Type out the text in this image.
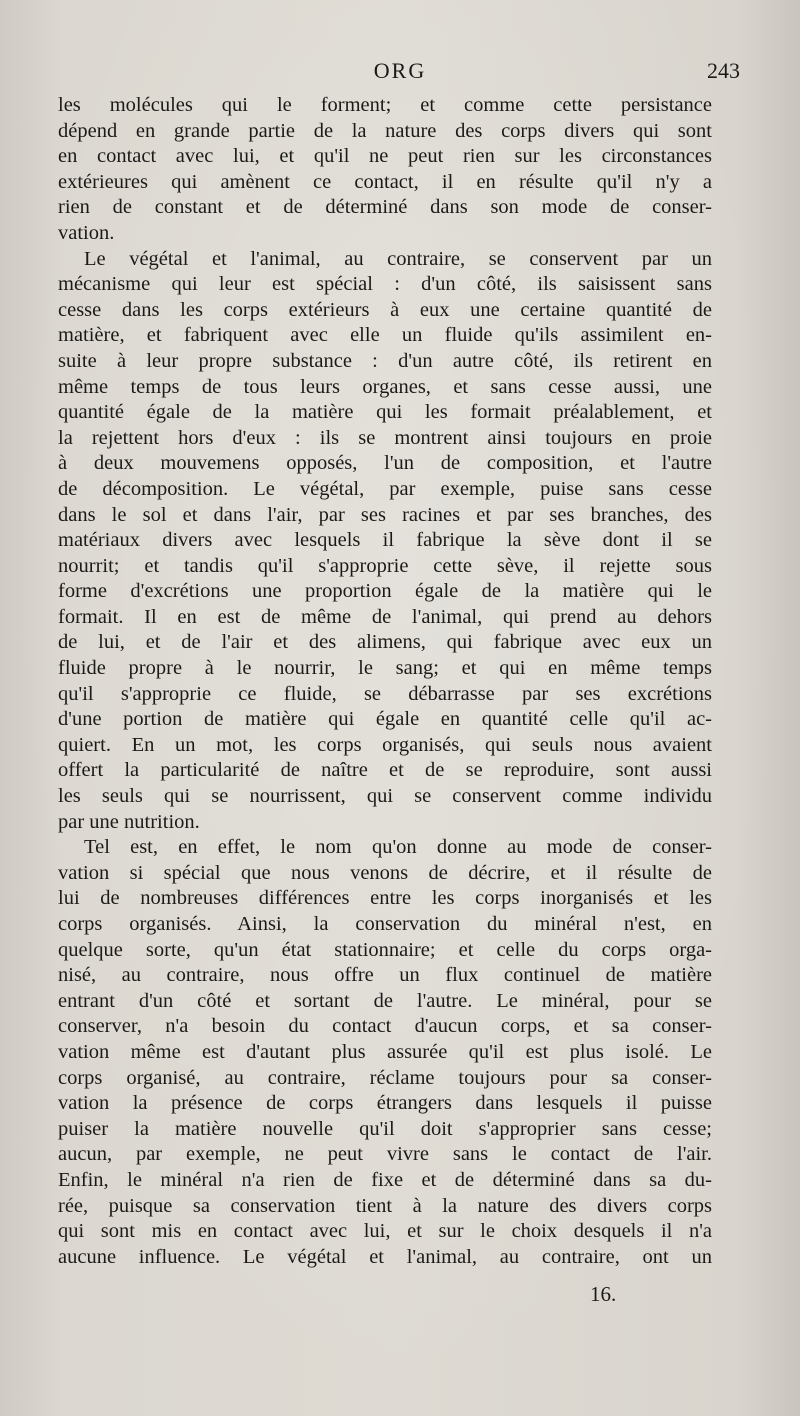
ORG	243
les molécules qui le forment; et comme cette persistance
dépend en grande partie de la nature des corps divers qui sont
en contact avec lui, et qu'il ne peut rien sur les circonstances
extérieures qui amènent ce contact, il en résulte qu'il n'y a
rien de constant et de déterminé dans son mode de conser-
vation.
Le végétal et l'animal, au contraire, se conservent par un
mécanisme qui leur est spécial : d'un côté, ils saisissent sans
cesse dans les corps extérieurs à eux une certaine quantité de
matière, et fabriquent avec elle un fluide qu'ils assimilent en-
suite à leur propre substance : d'un autre côté, ils retirent en
même temps de tous leurs organes, et sans cesse aussi, une
quantité égale de la matière qui les formait préalablement, et
la rejettent hors d'eux : ils se montrent ainsi toujours en proie
à deux mouvemens opposés, l'un de composition, et l'autre
de décomposition. Le végétal, par exemple, puise sans cesse
dans le sol et dans l'air, par ses racines et par ses branches, des
matériaux divers avec lesquels il fabrique la sève dont il se
nourrit; et tandis qu'il s'approprie cette sève, il rejette sous
forme d'excrétions une proportion égale de la matière qui le
formait. Il en est de même de l'animal, qui prend au dehors
de lui, et de l'air et des alimens, qui fabrique avec eux un
fluide propre à le nourrir, le sang; et qui en même temps
qu'il s'approprie ce fluide, se débarrasse par ses excrétions
d'une portion de matière qui égale en quantité celle qu'il ac-
quiert. En un mot, les corps organisés, qui seuls nous avaient
offert la particularité de naître et de se reproduire, sont aussi
les seuls qui se nourrissent, qui se conservent comme individu
par une nutrition.
Tel est, en effet, le nom qu'on donne au mode de conser-
vation si spécial que nous venons de décrire, et il résulte de
lui de nombreuses différences entre les corps inorganisés et les
corps organisés. Ainsi, la conservation du minéral n'est, en
quelque sorte, qu'un état stationnaire; et celle du corps orga-
nisé, au contraire, nous offre un flux continuel de matière
entrant d'un côté et sortant de l'autre. Le minéral, pour se
conserver, n'a besoin du contact d'aucun corps, et sa conser-
vation même est d'autant plus assurée qu'il est plus isolé. Le
corps organisé, au contraire, réclame toujours pour sa conser-
vation la présence de corps étrangers dans lesquels il puisse
puiser la matière nouvelle qu'il doit s'approprier sans cesse;
aucun, par exemple, ne peut vivre sans le contact de l'air.
Enfin, le minéral n'a rien de fixe et de déterminé dans sa du-
rée, puisque sa conservation tient à la nature des divers corps
qui sont mis en contact avec lui, et sur le choix desquels il n'a
aucune influence. Le végétal et l'animal, au contraire, ont un
16.
